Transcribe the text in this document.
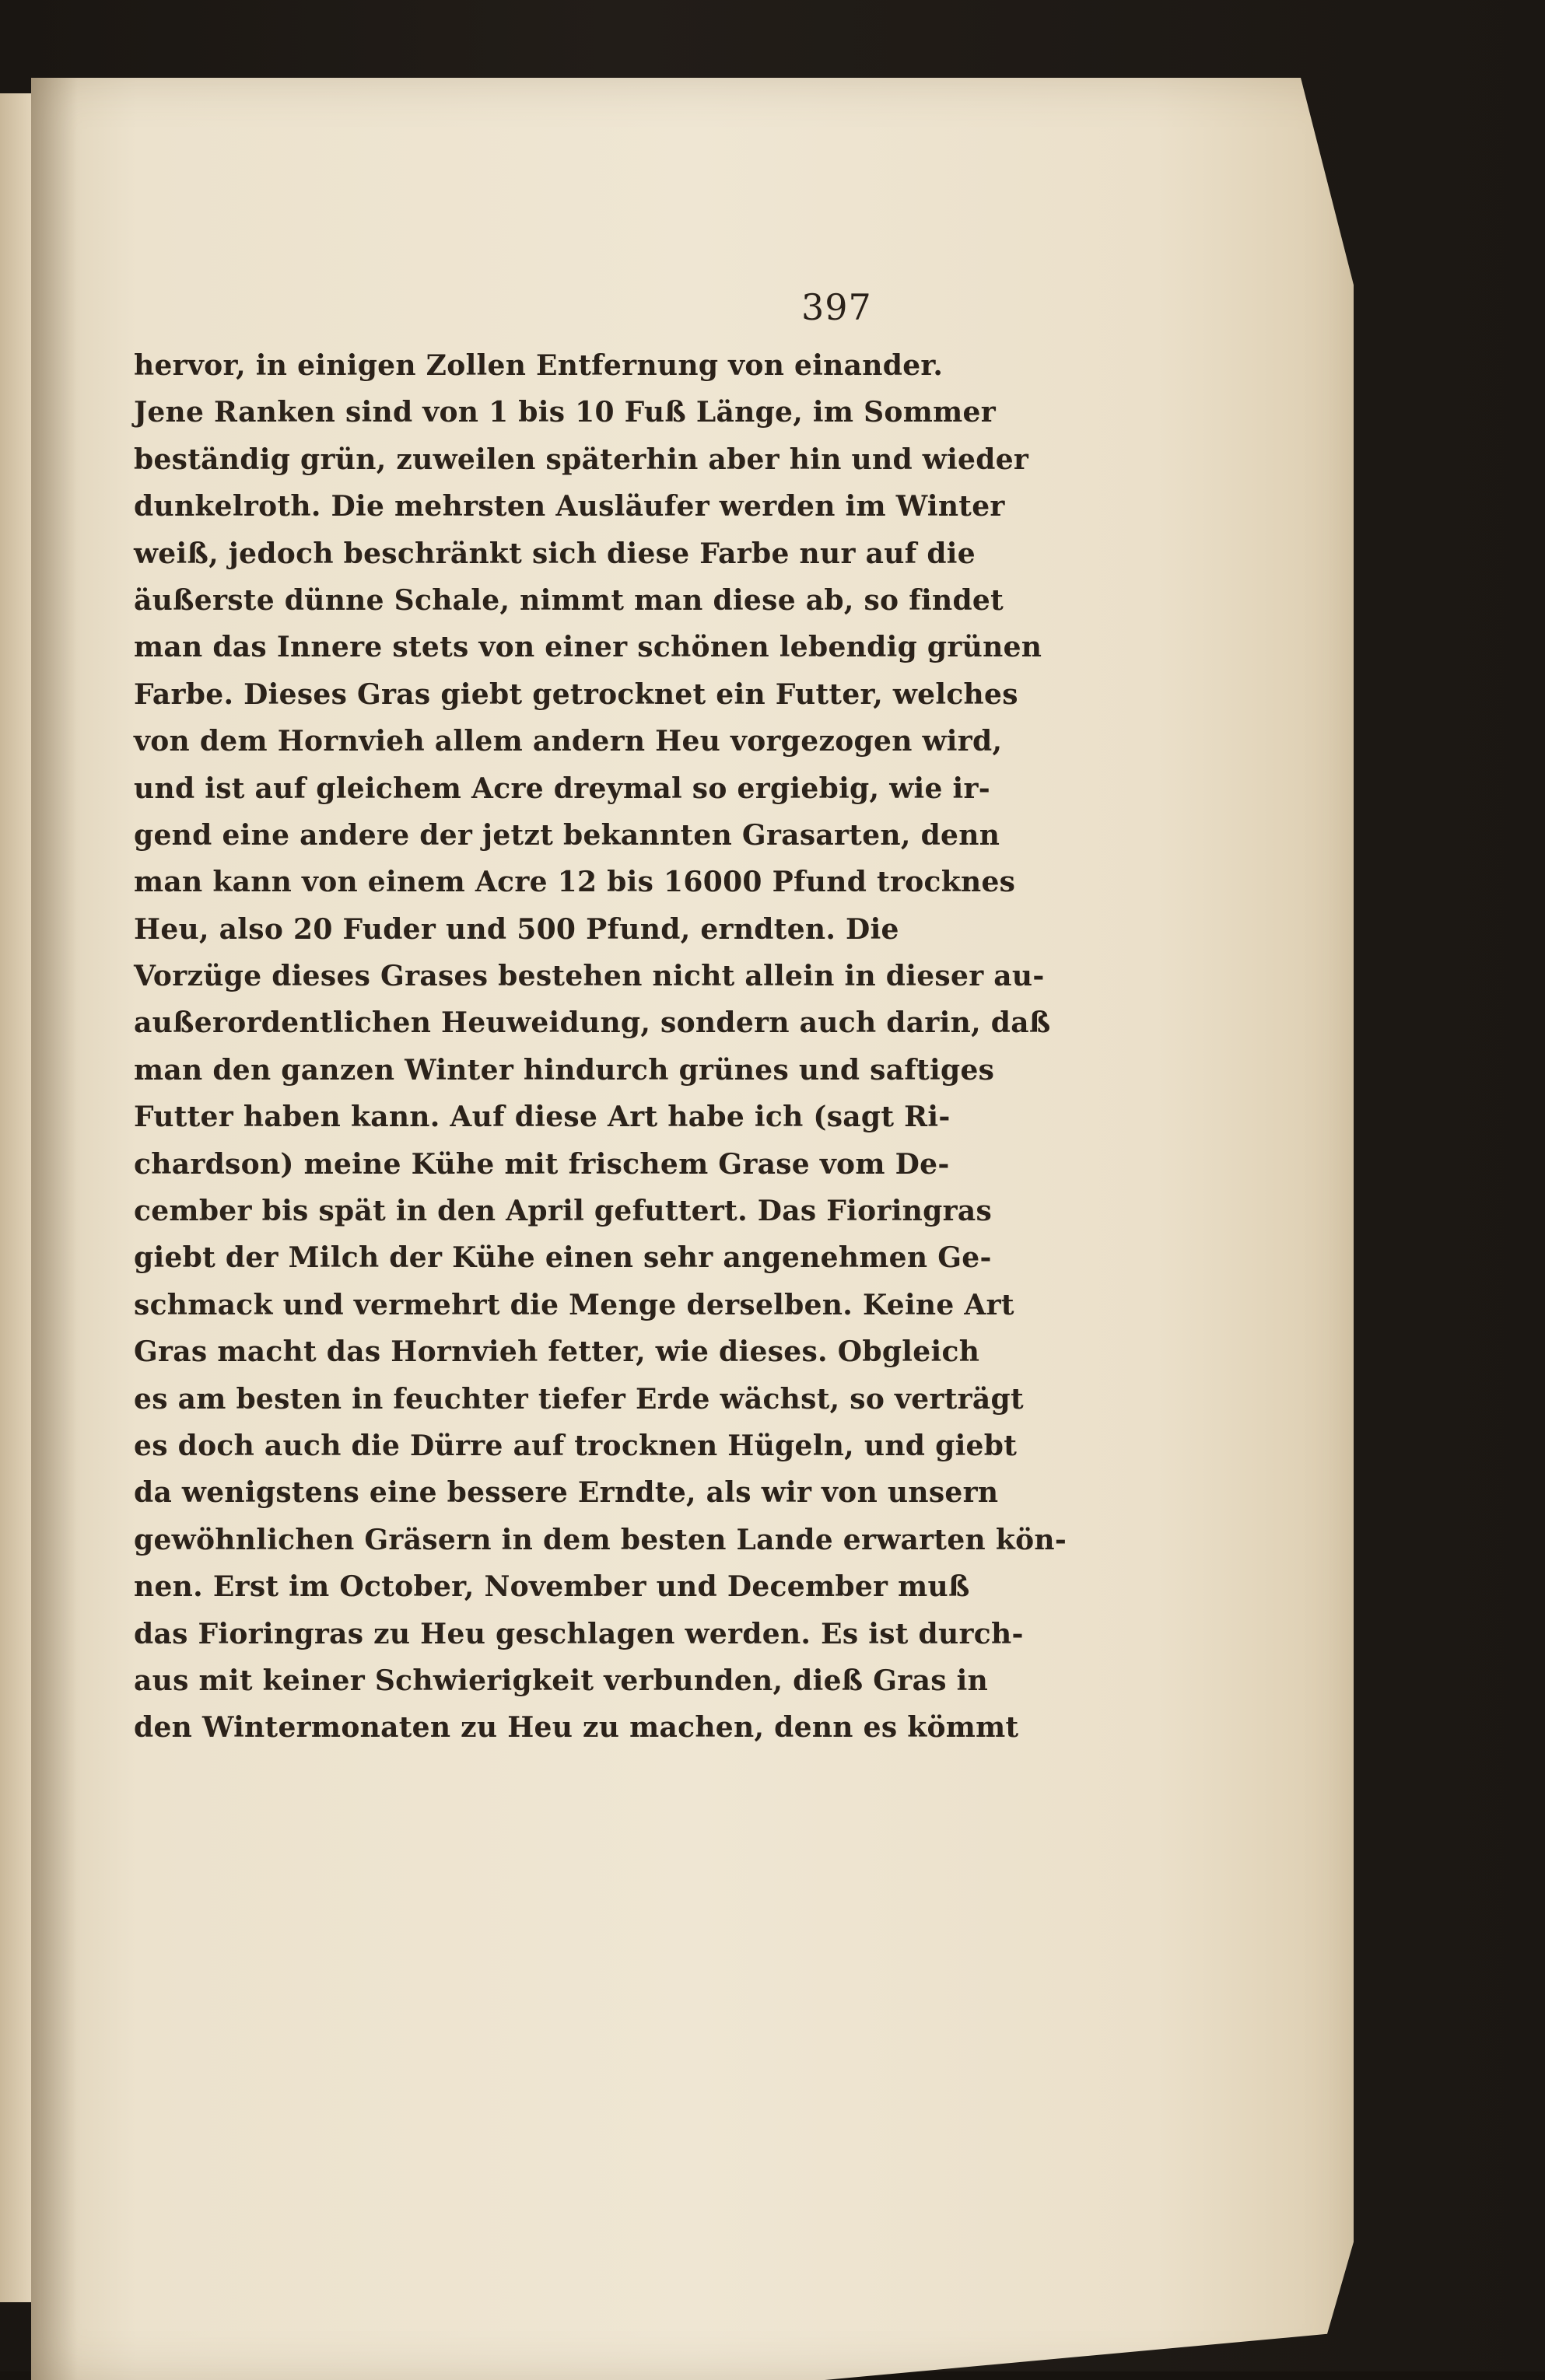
397
hervor, in einigen Zollen Entfernung von einander.
Jene Ranken sind von 1 bis 10 Fuß Länge, im Sommer
beständig grün, zuweilen späterhin aber hin und wieder
dunkelroth. Die mehrsten Ausläufer werden im Winter
weiß, jedoch beschränkt sich diese Farbe nur auf die
äußerste dünne Schale, nimmt man diese ab, so findet
man das Innere stets von einer schönen lebendig grünen
Farbe. Dieses Gras giebt getrocknet ein Futter, welches
von dem Hornvieh allem andern Heu vorgezogen wird,
und ist auf gleichem Acre dreymal so ergiebig, wie ir-
gend eine andere der jetzt bekannten Grasarten, denn
man kann von einem Acre 12 bis 16000 Pfund trocknes
Heu, also 20 Fuder und 500 Pfund, erndten. Die
Vorzüge dieses Grases bestehen nicht allein in dieser au-
außerordentlichen Heuweidung, sondern auch darin, daß
man den ganzen Winter hindurch grünes und saftiges
Futter haben kann. Auf diese Art habe ich (sagt Ri-
chardson) meine Kühe mit frischem Grase vom De-
cember bis spät in den April gefuttert. Das Fioringras
giebt der Milch der Kühe einen sehr angenehmen Ge-
schmack und vermehrt die Menge derselben. Keine Art
Gras macht das Hornvieh fetter, wie dieses. Obgleich
es am besten in feuchter tiefer Erde wächst, so verträgt
es doch auch die Dürre auf trocknen Hügeln, und giebt
da wenigstens eine bessere Erndte, als wir von unsern
gewöhnlichen Gräsern in dem besten Lande erwarten kön-
nen. Erst im October, November und December muß
das Fioringras zu Heu geschlagen werden. Es ist durch-
aus mit keiner Schwierigkeit verbunden, dieß Gras in
den Wintermonaten zu Heu zu machen, denn es kömmt
